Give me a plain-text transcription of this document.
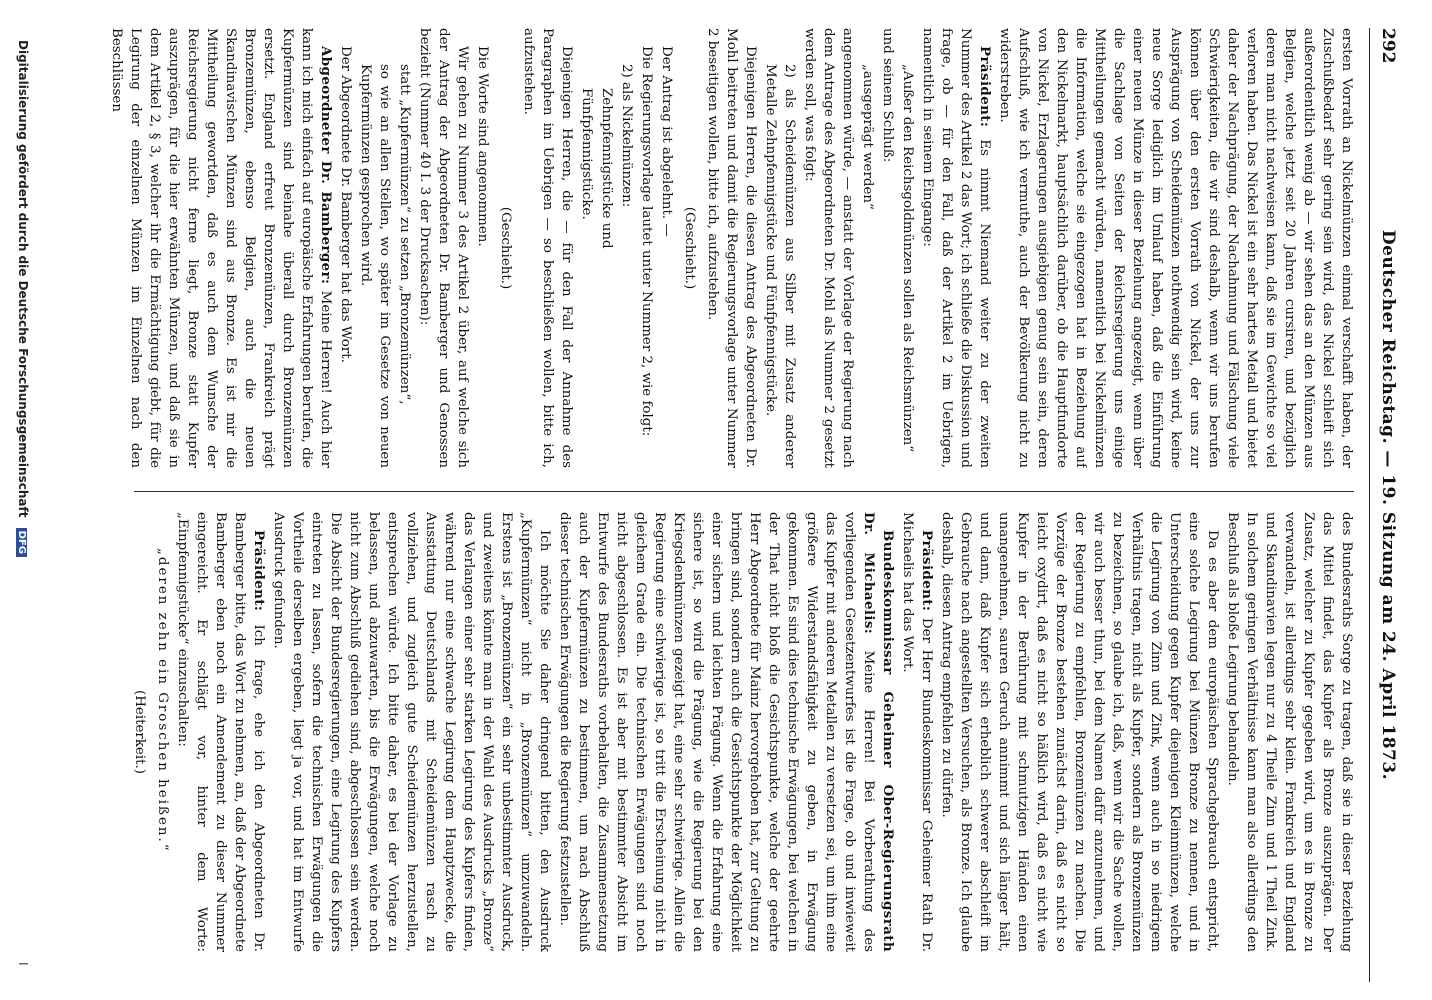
292
Deutscher Reichstag. — 19. Sitzung am 24. April 1873.

ersten Vorrath an Nickelmünzen einmal verschafft haben, der Zuschußbedarf sehr gering sein wird, das Nickel schleift sich außerordentlich wenig ab — wir sehen das an den Münzen aus Belgien, welche jetzt seit 20 Jahren cursiren, und bezüglich deren man nicht nachweisen kann, daß sie im Gewichte so viel verloren haben. Das Nickel ist ein sehr hartes Metall und bietet daher der Nachprägung, der Nachahmung und Fälschung viele Schwierigkeiten, die wir sind deshalb, wenn wir uns berufen können über den ersten Vorrath von Nickel, der uns zur Ausprägung von Scheidemünzen nothwendig sein wird, keine neue Sorge lediglich im Umlauf haben, daß die Einführung einer neuen Münze in dieser Beziehung angezeigt, wenn über die Sachlage von Seiten der Reichsregierung uns einige Mittheilungen gemacht würden, namentlich bei Nickelmünzen die Information, welche sie eingezogen hat in Beziehung auf den Nickelmarkt, hauptsächlich darüber, ob die Hauptfundorte von Nickel, Erzlagerungen ausgiebigen genug sein sein, deren Aufschluß, wie ich vermuthe, auch der Bevölkerung nicht zu widerstreben.

Präsident: Es nimmt Niemand weiter zu der zweiten Nummer des Artikel 2 das Wort; ich schließe die Diskussion und frage, ob — für den Fall, daß der Artikel 2 im Uebrigen, namentlich in seinem Eingange:

„Außer den Reichsgoldmünzen sollen als Reichsmünzen“

und seinem Schluß:

„ausgeprägt werden“

angenommen würde, — anstatt der Vorlage der Regierung nach dem Antrage des Abgeordneten Dr. Mohl als Nummer 2 gesetzt werden soll, was folgt:

2) als Scheidemünzen aus Silber mit Zusatz anderer Metalle Zehnpfennigstücke und Fünfpfennigstücke.

Diejenigen Herren, die diesen Antrag des Abgeordneten Dr. Mohl beitreten und damit die Regierungsvorlage unter Nummer 2 beseitigen wollen, bitte ich, aufzustehen.

(Geschieht.)

Der Antrag ist abgelehnt. —

Die Regierungsvorlage lautet unter Nummer 2, wie folgt:

2) als Nickelmünzen:

Zehnpfennigstücke und

Fünfpfennigstücke.

Diejenigen Herren, die — für den Fall der Annahme des Paragraphen im Uebrigen — so beschließen wollen, bitte ich, aufzustehen.

(Geschieht.)

Die Worte sind angenommen.

Wir gehen zu Nummer 3 des Artikel 2 über, auf welche sich der Antrag der Abgeordneten Dr. Bamberger und Genossen bezieht (Nummer 40 I. 3 der Drucksachen):

statt „Kupfermünzen“ zu setzen „Bronzemünzen“,

so wie an allen Stellen, wo später im Gesetze von neuen Kupfermünzen gesprochen wird.

Der Abgeordnete Dr. Bamberger hat das Wort.

Abgeordneter Dr. Bamberger: Meine Herren! Auch hier kann ich mich einfach auf europäische Erfahrungen berufen, die Kupfermünzen sind beinahe überall durch Bronzemünzen ersetzt. England erfreut Bronzemünzen, Frankreich prägt Bronzemünzen, ebenso Belgien, auch die neuen Skandinavischen Münzen sind aus Bronze. Es ist mir die Mittheilung gewortden, daß es auch dem Wunsche der Reichsregierung nicht ferne liegt, Bronze statt Kupfer auszuprägen, für die hier erwähnten Münzen, und daß sie in dem Artikel 2, § 3, welcher ihr die Ermächtigung giebt, für die Legirung der einzelnen Münzen im Einzelnen nach den Beschlüssen

des Bundesraths Sorge zu tragen, daß sie in dieser Beziehung das Mittel findet, das Kupfer als Bronze auszuprägen. Der Zusatz, welcher zu Kupfer gegeben wird, um es in Bronze zu verwandeln, ist allerdings sehr klein. Frankreich und England und Skandinavien legen nur zu 4 Theile Zinn und 1 Theil Zink. In solchem geringen Verhältnisse kann man also allerdings den Beschluß als bloße Legirung behandeln.

Da es aber dem europäischen Sprachgebrauch entspricht, eine solche Legirung bei Münzen Bronze zu nennen, und in Unterscheidung gegen Kupfer diejenigen Kleinmünzen, welche die Legirung von Zinn und Zink, wenn auch in so niedrigem Verhältnis tragen, nicht als Kupfer, sondern als Bronzemünzen zu bezeichnen, so glaube ich, daß, wenn wir die Sache wollen, wir auch besser thun, bei dem Namen dafür anzunehmen, und der Regierung zu empfehlen, Bronzemünzen zu machen. Die Vorzüge der Bronze bestehen zunächst darin, daß es nicht so leicht oxydirt, daß es nicht so häßlich wird, daß es nicht wie Kupfer in der Berührung mit schmutzigen Händen einen unangenehmen, sauren Geruch annimmt und sich länger hält, und dann, daß Kupfer sich erheblich schwerer abschleift im Gebrauche nach angestellten Versuchen, als Bronze. Ich glaube deshalb, diesen Antrag empfehlen zu dürfen.

Präsident: Der Herr Bundeskommissar Geheimer Rath Dr. Michaelis hat das Wort.

Bundeskommissar Geheimer Ober-Regierungsrath Dr. Michaelis: Meine Herren! Bei Vorberathung des vorliegenden Gesetzentwurfes ist die Frage, ob und inwieweit das Kupfer mit anderen Metallen zu versetzen sei, um ihm eine größere Widerstandsfähigkeit zu geben, in Erwägung gekommen. Es sind dies technische Erwägungen, bei welchen in der That nicht bloß die Gesichtspunkte, welche der geehrte Herr Abgeordnete für Mainz hervorgehoben hat, zur Geltung zu bringen sind, sondern auch die Gesichtspunkte der Möglichkeit einer sichern und leichten Prägung. Wenn die Erfahrung eine sichere ist, so wird die Prägung, wie die Regierung bei den Kriegsdenkmünzen gezeigt hat, eine sehr schwierige. Allein die Regierung eine schwierige ist, so tritt die Erscheinung nicht in gleichem Grade ein. Die technischen Erwägungen sind noch nicht abgeschlossen. Es ist aber mit bestimmter Absicht im Entwurfe des Bundesraths vorbehalten, die Zusammensetzung auch der Kupfermünzen zu bestimmen, um nach Abschluß dieser technischen Erwägungen die Regierung festzustellen.

Ich möchte Sie daher dringend bitten, den Ausdruck „Kupfermünzen“ nicht in „Bronzemünzen“ umzuwandeln. Erstens ist „Bronzemünzen“ ein sehr unbestimmter Ausdruck, und zweitens könnte man in der Wahl des Ausdrucks „Bronze“ das Verlangen einer sehr starken Legirung des Kupfers finden, während nur eine schwache Legirung dem Hauptzwecke, die Ausstattung Deutschlands mit Scheidemünzen rasch zu vollziehen, und zugleich gute Scheidemünzen herzustellen, entsprechen würde. Ich bitte daher, es bei der Vorlage zu belassen, und abzuwarten, bis die Erwägungen, welche noch nicht zum Abschluß gediehen sind, abgeschlossen sein werden. Die Absicht der Bundesregierungen, eine Legirung des Kupfers eintreten zu lassen, sofern die technischen Erwägungen die Vortheile derselben ergeben, liegt ja vor, und hat im Entwurfe Ausdruck gefunden.

Präsident: Ich frage, ehe ich den Abgeordneten Dr. Bamberger bitte, das Wort zu nehmen, an, daß der Abgeordnete Bamberger eben noch ein Amendement zu dieser Nummer eingereicht. Er schlägt vor, hinter dem Worte: „Einpfennigstücke“ einzuschalten:

„deren zehn ein Groschen heißen.“

(Heiterkeit.)

Digitalisierung gefördert durch die Deutsche Forschungsgemeinschaft DFG
I
